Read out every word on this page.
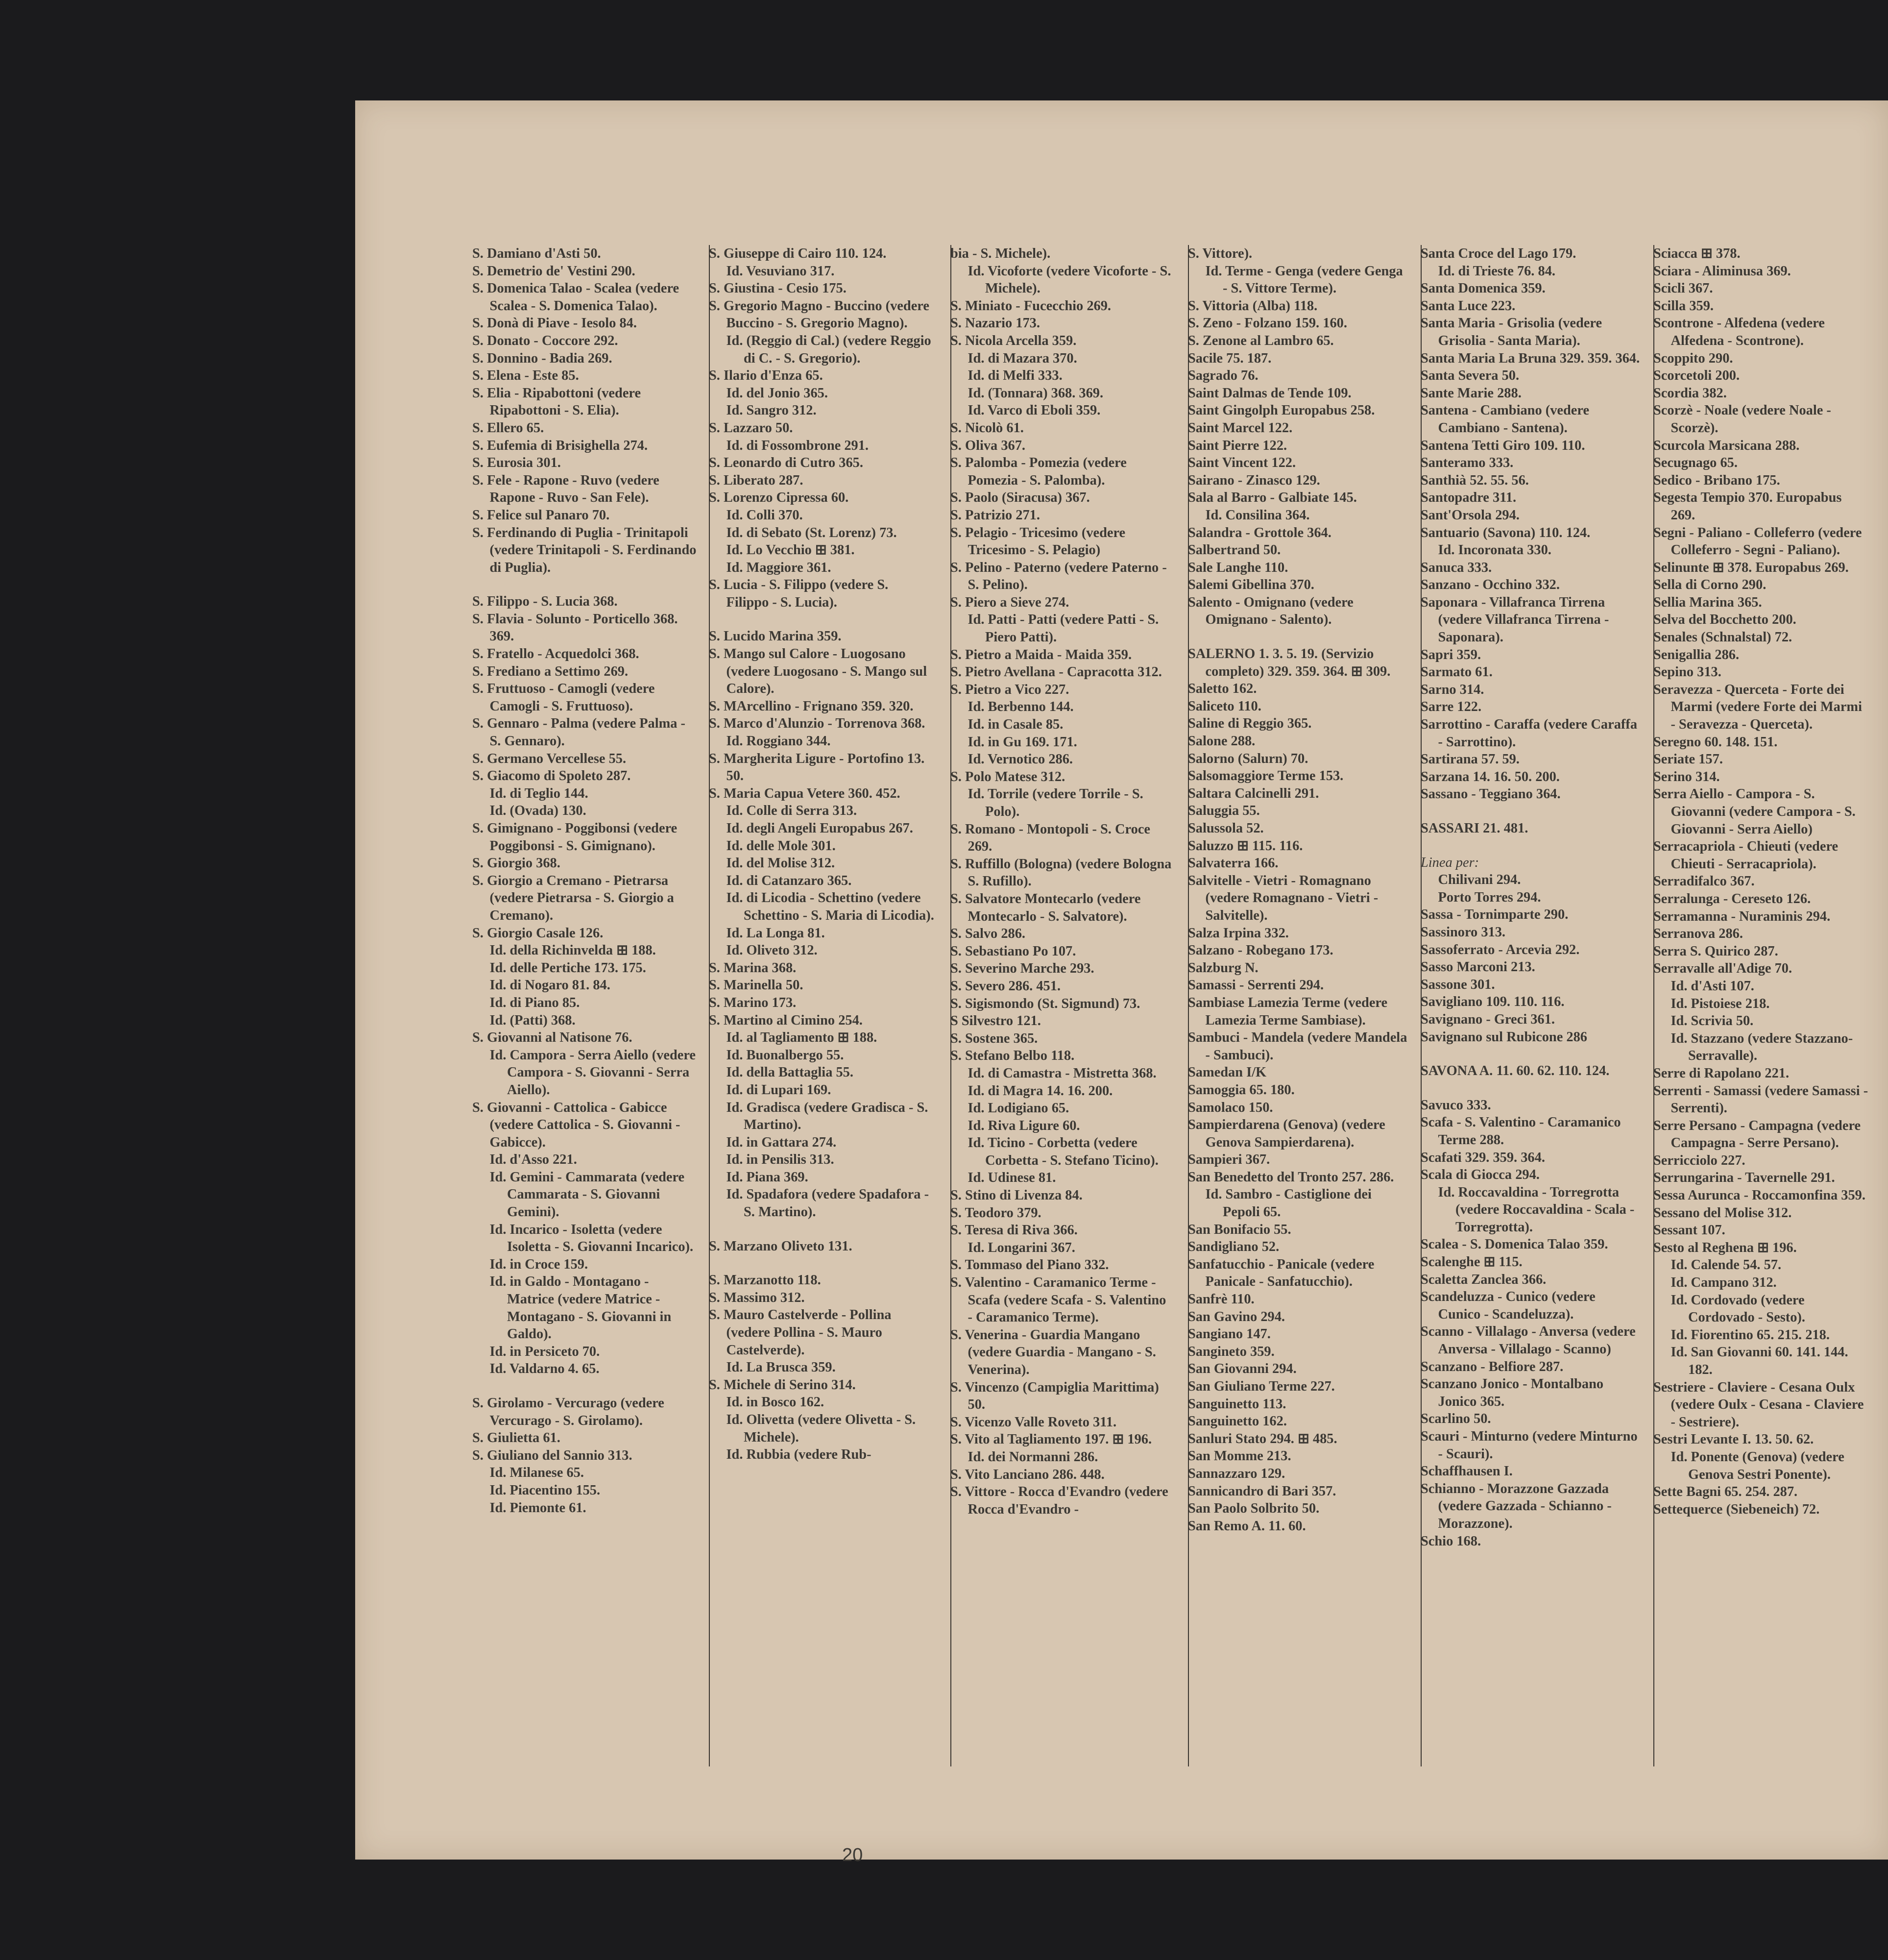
S. Damiano d'Asti 50.
S. Demetrio de' Vestini 290.
S. Domenica Talao - Scalea (vedere Scalea - S. Domenica Talao).
S. Donà di Piave - Iesolo 84.
S. Donato - Coccore 292.
S. Donnino - Badia 269.
S. Elena - Este 85.
S. Elia - Ripabottoni (vedere Ripabottoni - S. Elia).
S. Ellero 65.
S. Eufemia di Brisighella 274.
S. Eurosia 301.
S. Fele - Rapone - Ruvo (vedere Rapone - Ruvo - San Fele).
S. Felice sul Panaro 70.
S. Ferdinando di Puglia - Trinitapoli (vedere Trinitapoli - S. Ferdinando di Puglia).
S. Filippo - S. Lucia 368.
S. Flavia - Solunto - Porticello 368. 369.
S. Fratello - Acquedolci 368.
S. Frediano a Settimo 269.
S. Fruttuoso - Camogli (vedere Camogli - S. Fruttuoso).
S. Gennaro - Palma (vedere Palma - S. Gennaro).
S. Germano Vercellese 55.
S. Giacomo di Spoleto 287.
Id. di Teglio 144.
Id. (Ovada) 130.
S. Gimignano - Poggibonsi (vedere Poggibonsi - S. Gimignano).
S. Giorgio 368.
S. Giorgio a Cremano - Pietrarsa (vedere Pietrarsa - S. Giorgio a Cremano).
S. Giorgio Casale 126.
Id. della Richinvelda ⊞ 188.
Id. delle Pertiche 173. 175.
Id. di Nogaro 81. 84.
Id. di Piano 85.
Id. (Patti) 368.
S. Giovanni al Natisone 76.
Id. Campora - Serra Aiello (vedere Campora - S. Giovanni - Serra Aiello).
S. Giovanni - Cattolica - Gabicce (vedere Cattolica - S. Giovanni - Gabicce).
Id. d'Asso 221.
Id. Gemini - Cammarata (vedere Cammarata - S. Giovanni Gemini).
Id. Incarico - Isoletta (vedere Isoletta - S. Giovanni Incarico).
Id. in Croce 159.
Id. in Galdo - Montagano - Matrice (vedere Matrice - Montagano - S. Giovanni in Galdo).
Id. in Persiceto 70.
Id. Valdarno 4. 65.
S. Girolamo - Vercurago (vedere Vercurago - S. Girolamo).
S. Giulietta 61.
S. Giuliano del Sannio 313.
Id. Milanese 65.
Id. Piacentino 155.
Id. Piemonte 61.
S. Giuseppe di Cairo 110. 124.
Id. Vesuviano 317.
S. Giustina - Cesio 175.
S. Gregorio Magno - Buccino (vedere Buccino - S. Gregorio Magno).
Id. (Reggio di Cal.) (vedere Reggio di C. - S. Gregorio).
S. Ilario d'Enza 65.
Id. del Jonio 365.
Id. Sangro 312.
S. Lazzaro 50.
Id. di Fossombrone 291.
S. Leonardo di Cutro 365.
S. Liberato 287.
S. Lorenzo Cipressa 60.
Id. Colli 370.
Id. di Sebato (St. Lorenz) 73.
Id. Lo Vecchio ⊞ 381.
Id. Maggiore 361.
S. Lucia - S. Filippo (vedere S. Filippo - S. Lucia).
S. Lucido Marina 359.
S. Mango sul Calore - Luogosano (vedere Luogosano - S. Mango sul Calore).
S. MArcellino - Frignano 359. 320.
S. Marco d'Alunzio - Torrenova 368.
Id. Roggiano 344.
S. Margherita Ligure - Portofino 13. 50.
S. Maria Capua Vetere 360. 452.
Id. Colle di Serra 313.
Id. degli Angeli Europabus 267.
Id. delle Mole 301.
Id. del Molise 312.
Id. di Catanzaro 365.
Id. di Licodia - Schettino (vedere Schettino - S. Maria di Licodia).
Id. La Longa 81.
Id. Oliveto 312.
S. Marina 368.
S. Marinella 50.
S. Marino 173.
S. Martino al Cimino 254.
Id. al Tagliamento ⊞ 188.
Id. Buonalbergo 55.
Id. della Battaglia 55.
Id. di Lupari 169.
Id. Gradisca (vedere Gradisca - S. Martino).
Id. in Gattara 274.
Id. in Pensilis 313.
Id. Piana 369.
Id. Spadafora (vedere Spadafora - S. Martino).
S. Marzano Oliveto 131.
S. Marzanotto 118.
S. Massimo 312.
S. Mauro Castelverde - Pollina (vedere Pollina - S. Mauro Castelverde).
Id. La Brusca 359.
S. Michele di Serino 314.
Id. in Bosco 162.
Id. Olivetta (vedere Olivetta - S. Michele).
Id. Rubbia (vedere Rub-
bia - S. Michele).
Id. Vicoforte (vedere Vicoforte - S. Michele).
S. Miniato - Fucecchio 269.
S. Nazario 173.
S. Nicola Arcella 359.
Id. di Mazara 370.
Id. di Melfi 333.
Id. (Tonnara) 368. 369.
Id. Varco di Eboli 359.
S. Nicolò 61.
S. Oliva 367.
S. Palomba - Pomezia (vedere Pomezia - S. Palomba).
S. Paolo (Siracusa) 367.
S. Patrizio 271.
S. Pelagio - Tricesimo (vedere Tricesimo - S. Pelagio)
S. Pelino - Paterno (vedere Paterno - S. Pelino).
S. Piero a Sieve 274.
Id. Patti - Patti (vedere Patti - S. Piero Patti).
S. Pietro a Maida - Maida 359.
S. Pietro Avellana - Capracotta 312.
S. Pietro a Vico 227.
Id. Berbenno 144.
Id. in Casale 85.
Id. in Gu 169. 171.
Id. Vernotico 286.
S. Polo Matese 312.
Id. Torrile (vedere Torrile - S. Polo).
S. Romano - Montopoli - S. Croce 269.
S. Ruffillo (Bologna) (vedere Bologna S. Rufillo).
S. Salvatore Montecarlo (vedere Montecarlo - S. Salvatore).
S. Salvo 286.
S. Sebastiano Po 107.
S. Severino Marche 293.
S. Severo 286. 451.
S. Sigismondo (St. Sigmund) 73.
S Silvestro 121.
S. Sostene 365.
S. Stefano Belbo 118.
Id. di Camastra - Mistretta 368.
Id. di Magra 14. 16. 200.
Id. Lodigiano 65.
Id. Riva Ligure 60.
Id. Ticino - Corbetta (vedere Corbetta - S. Stefano Ticino).
Id. Udinese 81.
S. Stino di Livenza 84.
S. Teodoro 379.
S. Teresa di Riva 366.
Id. Longarini 367.
S. Tommaso del Piano 332.
S. Valentino - Caramanico Terme - Scafa (vedere Scafa - S. Valentino - Caramanico Terme).
S. Venerina - Guardia Mangano (vedere Guardia - Mangano - S. Venerina).
S. Vincenzo (Campiglia Marittima) 50.
S. Vicenzo Valle Roveto 311.
S. Vito al Tagliamento 197. ⊞ 196.
Id. dei Normanni 286.
S. Vito Lanciano 286. 448.
S. Vittore - Rocca d'Evandro (vedere Rocca d'Evandro -
S. Vittore).
Id. Terme - Genga (vedere Genga - S. Vittore Terme).
S. Vittoria (Alba) 118.
S. Zeno - Folzano 159. 160.
S. Zenone al Lambro 65.
Sacile 75. 187.
Sagrado 76.
Saint Dalmas de Tende 109.
Saint Gingolph Europabus 258.
Saint Marcel 122.
Saint Pierre 122.
Saint Vincent 122.
Sairano - Zinasco 129.
Sala al Barro - Galbiate 145.
Id. Consilina 364.
Salandra - Grottole 364.
Salbertrand 50.
Sale Langhe 110.
Salemi Gibellina 370.
Salento - Omignano (vedere Omignano - Salento).
SALERNO 1. 3. 5. 19. (Servizio completo) 329. 359. 364. ⊞ 309.
Saletto 162.
Saliceto 110.
Saline di Reggio 365.
Salone 288.
Salorno (Salurn) 70.
Salsomaggiore Terme 153.
Saltara Calcinelli 291.
Saluggia 55.
Salussola 52.
Saluzzo ⊞ 115. 116.
Salvaterra 166.
Salvitelle - Vietri - Romagnano (vedere Romagnano - Vietri - Salvitelle).
Salza Irpina 332.
Salzano - Robegano 173.
Salzburg N.
Samassi - Serrenti 294.
Sambiase Lamezia Terme (vedere Lamezia Terme Sambiase).
Sambuci - Mandela (vedere Mandela - Sambuci).
Samedan I/K
Samoggia 65. 180.
Samolaco 150.
Sampierdarena (Genova) (vedere Genova Sampierdarena).
Sampieri 367.
San Benedetto del Tronto 257. 286.
Id. Sambro - Castiglione dei Pepoli 65.
San Bonifacio 55.
Sandigliano 52.
Sanfatucchio - Panicale (vedere Panicale - Sanfatucchio).
Sanfrè 110.
San Gavino 294.
Sangiano 147.
Sangineto 359.
San Giovanni 294.
San Giuliano Terme 227.
Sanguinetto 113.
Sanguinetto 162.
Sanluri Stato 294. ⊞ 485.
San Momme 213.
Sannazzaro 129.
Sannicandro di Bari 357.
San Paolo Solbrito 50.
San Remo A. 11. 60.
Santa Croce del Lago 179.
Id. di Trieste 76. 84.
Santa Domenica 359.
Santa Luce 223.
Santa Maria - Grisolia (vedere Grisolia - Santa Maria).
Santa Maria La Bruna 329. 359. 364.
Santa Severa 50.
Sante Marie 288.
Santena - Cambiano (vedere Cambiano - Santena).
Santena Tetti Giro 109. 110.
Santeramo 333.
Santhià 52. 55. 56.
Santopadre 311.
Sant'Orsola 294.
Santuario (Savona) 110. 124.
Id. Incoronata 330.
Sanuca 333.
Sanzano - Occhino 332.
Saponara - Villafranca Tirrena (vedere Villafranca Tirrena - Saponara).
Sapri 359.
Sarmato 61.
Sarno 314.
Sarre 122.
Sarrottino - Caraffa (vedere Caraffa - Sarrottino).
Sartirana 57. 59.
Sarzana 14. 16. 50. 200.
Sassano - Teggiano 364.
SASSARI 21. 481.
Linea per:
Chilivani 294.
Porto Torres 294.
Sassa - Tornimparte 290.
Sassinoro 313.
Sassoferrato - Arcevia 292.
Sasso Marconi 213.
Sassone 301.
Savigliano 109. 110. 116.
Savignano - Greci 361.
Savignano sul Rubicone 286
SAVONA A. 11. 60. 62. 110. 124.
Savuco 333.
Scafa - S. Valentino - Caramanico Terme 288.
Scafati 329. 359. 364.
Scala di Giocca 294.
Id. Roccavaldina - Torregrotta (vedere Roccavaldina - Scala - Torregrotta).
Scalea - S. Domenica Talao 359.
Scalenghe ⊞ 115.
Scaletta Zanclea 366.
Scandeluzza - Cunico (vedere Cunico - Scandeluzza).
Scanno - Villalago - Anversa (vedere Anversa - Villalago - Scanno)
Scanzano - Belfiore 287.
Scanzano Jonico - Montalbano Jonico 365.
Scarlino 50.
Scauri - Minturno (vedere Minturno - Scauri).
Schaffhausen I.
Schianno - Morazzone Gazzada (vedere Gazzada - Schianno - Morazzone).
Schio 168.
Sciacca ⊞ 378.
Sciara - Aliminusa 369.
Scicli 367.
Scilla 359.
Scontrone - Alfedena (vedere Alfedena - Scontrone).
Scoppito 290.
Scorcetoli 200.
Scordia 382.
Scorzè - Noale (vedere Noale - Scorzè).
Scurcola Marsicana 288.
Secugnago 65.
Sedico - Bribano 175.
Segesta Tempio 370. Europabus 269.
Segni - Paliano - Colleferro (vedere Colleferro - Segni - Paliano).
Selinunte ⊞ 378. Europabus 269.
Sella di Corno 290.
Sellia Marina 365.
Selva del Bocchetto 200.
Senales (Schnalstal) 72.
Senigallia 286.
Sepino 313.
Seravezza - Querceta - Forte dei Marmi (vedere Forte dei Marmi - Seravezza - Querceta).
Seregno 60. 148. 151.
Seriate 157.
Serino 314.
Serra Aiello - Campora - S. Giovanni (vedere Campora - S. Giovanni - Serra Aiello)
Serracapriola - Chieuti (vedere Chieuti - Serracapriola).
Serradifalco 367.
Serralunga - Cereseto 126.
Serramanna - Nuraminis 294.
Serranova 286.
Serra S. Quirico 287.
Serravalle all'Adige 70.
Id. d'Asti 107.
Id. Pistoiese 218.
Id. Scrivia 50.
Id. Stazzano (vedere Stazzano-Serravalle).
Serre di Rapolano 221.
Serrenti - Samassi (vedere Samassi - Serrenti).
Serre Persano - Campagna (vedere Campagna - Serre Persano).
Serricciolo 227.
Serrungarina - Tavernelle 291.
Sessa Aurunca - Roccamonfina 359.
Sessano del Molise 312.
Sessant 107.
Sesto al Reghena ⊞ 196.
Id. Calende 54. 57.
Id. Campano 312.
Id. Cordovado (vedere Cordovado - Sesto).
Id. Fiorentino 65. 215. 218.
Id. San Giovanni 60. 141. 144. 182.
Sestriere - Claviere - Cesana Oulx (vedere Oulx - Cesana - Claviere - Sestriere).
Sestri Levante I. 13. 50. 62.
Id. Ponente (Genova) (vedere Genova Sestri Ponente).
Sette Bagni 65. 254. 287.
Settequerce (Siebeneich) 72.
20
